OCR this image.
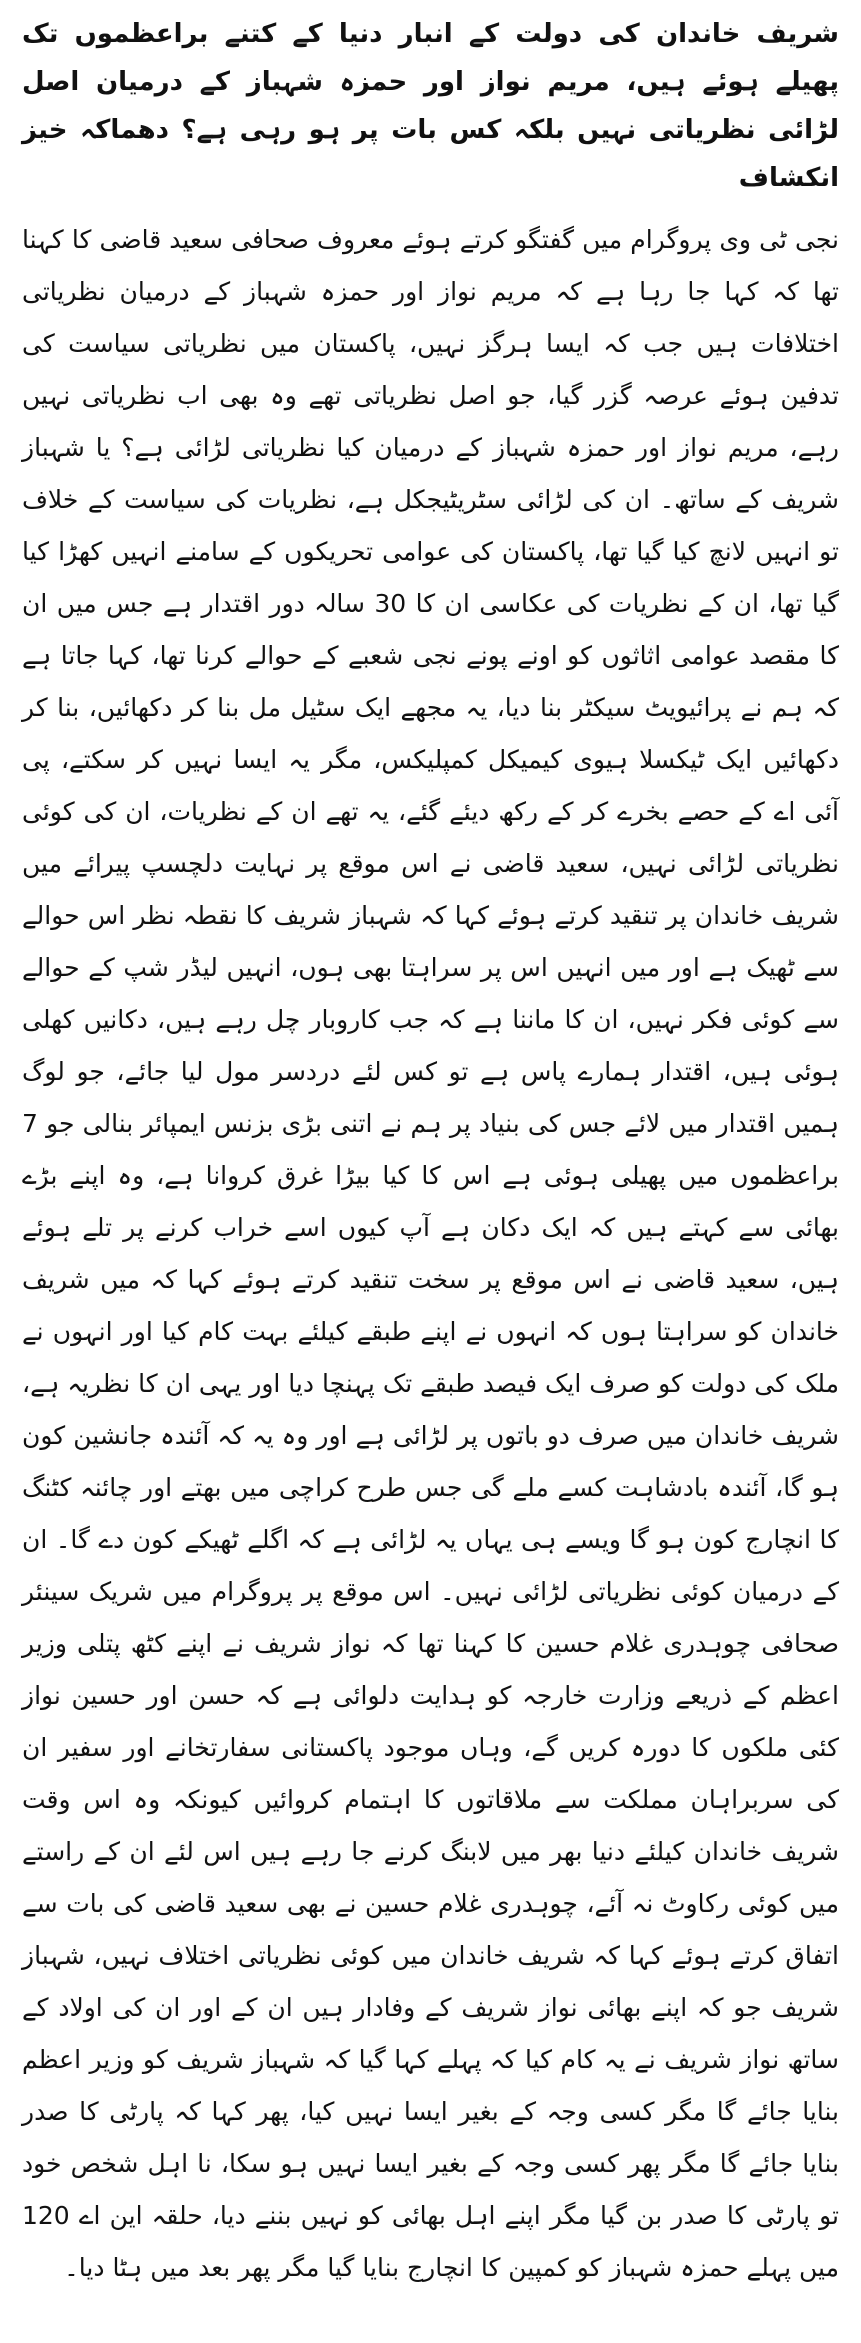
شریف خاندان کی دولت کے انبار دنیا کے کتنے براعظموں تک پھیلے ہوئے ہیں، مریم نواز اور حمزہ شہباز کے درمیان اصل لڑائی نظریاتی نہیں بلکہ کس بات پر ہو رہی ہے؟ دھماکہ خیز انکشاف

نجی ٹی وی پروگرام میں گفتگو کرتے ہوئے معروف صحافی سعید قاضی کا کہنا تھا کہ کہا جا رہا ہے کہ مریم نواز اور حمزہ شہباز کے درمیان نظریاتی اختلافات ہیں جب کہ ایسا ہرگز نہیں، پاکستان میں نظریاتی سیاست کی تدفین ہوئے عرصہ گزر گیا، جو اصل نظریاتی تھے وہ بھی اب نظریاتی نہیں رہے، مریم نواز اور حمزہ شہباز کے درمیان کیا نظریاتی لڑائی ہے؟ یا شہباز شریف کے ساتھ۔ ان کی لڑائی سٹریٹیجکل ہے، نظریات کی سیاست کے خلاف تو انہیں لانچ کیا گیا تھا، پاکستان کی عوامی تحریکوں کے سامنے انہیں کھڑا کیا گیا تھا، ان کے نظریات کی عکاسی ان کا 30 سالہ دور اقتدار ہے جس میں ان کا مقصد عوامی اثاثوں کو اونے پونے نجی شعبے کے حوالے کرنا تھا، کہا جاتا ہے کہ ہم نے پرائیویٹ سیکٹر بنا دیا، یہ مجھے ایک سٹیل مل بنا کر دکھائیں، بنا کر دکھائیں ایک ٹیکسلا ہیوی کیمیکل کمپلیکس، مگر یہ ایسا نہیں کر سکتے، پی آئی اے کے حصے بخرے کر کے رکھ دیئے گئے، یہ تھے ان کے نظریات، ان کی کوئی نظریاتی لڑائی نہیں، سعید قاضی نے اس موقع پر نہایت دلچسپ پیرائے میں شریف خاندان پر تنقید کرتے ہوئے کہا کہ شہباز شریف کا نقطہ نظر اس حوالے سے ٹھیک ہے اور میں انہیں اس پر سراہتا بھی ہوں، انہیں لیڈر شپ کے حوالے سے کوئی فکر نہیں، ان کا ماننا ہے کہ جب کاروبار چل رہے ہیں، دکانیں کھلی ہوئی ہیں، اقتدار ہمارے پاس ہے تو کس لئے دردسر مول لیا جائے، جو لوگ ہمیں اقتدار میں لائے جس کی بنیاد پر ہم نے اتنی بڑی بزنس ایمپائر بنالی جو 7 براعظموں میں پھیلی ہوئی ہے اس کا کیا بیڑا غرق کروانا ہے، وہ اپنے بڑے بھائی سے کہتے ہیں کہ ایک دکان ہے آپ کیوں اسے خراب کرنے پر تلے ہوئے ہیں، سعید قاضی نے اس موقع پر سخت تنقید کرتے ہوئے کہا کہ میں شریف خاندان کو سراہتا ہوں کہ انہوں نے اپنے طبقے کیلئے بہت کام کیا اور انہوں نے ملک کی دولت کو صرف ایک فیصد طبقے تک پہنچا دیا اور یہی ان کا نظریہ ہے، شریف خاندان میں صرف دو باتوں پر لڑائی ہے اور وہ یہ کہ آئندہ جانشین کون ہو گا، آئندہ بادشاہت کسے ملے گی جس طرح کراچی میں بھتے اور چائنہ کٹنگ کا انچارج کون ہو گا ویسے ہی یہاں یہ لڑائی ہے کہ اگلے ٹھیکے کون دے گا۔ ان کے درمیان کوئی نظریاتی لڑائی نہیں۔ اس موقع پر پروگرام میں شریک سینئر صحافی چوہدری غلام حسین کا کہنا تھا کہ نواز شریف نے اپنے کٹھ پتلی وزیر اعظم کے ذریعے وزارت خارجہ کو ہدایت دلوائی ہے کہ حسن اور حسین نواز کئی ملکوں کا دورہ کریں گے، وہاں موجود پاکستانی سفارتخانے اور سفیر ان کی سربراہان مملکت سے ملاقاتوں کا اہتمام کروائیں کیونکہ وہ اس وقت شریف خاندان کیلئے دنیا بھر میں لابنگ کرنے جا رہے ہیں اس لئے ان کے راستے میں کوئی رکاوٹ نہ آئے، چوہدری غلام حسین نے بھی سعید قاضی کی بات سے اتفاق کرتے ہوئے کہا کہ شریف خاندان میں کوئی نظریاتی اختلاف نہیں، شہباز شریف جو کہ اپنے بھائی نواز شریف کے وفادار ہیں ان کے اور ان کی اولاد کے ساتھ نواز شریف نے یہ کام کیا کہ پہلے کہا گیا کہ شہباز شریف کو وزیر اعظم بنایا جائے گا مگر کسی وجہ کے بغیر ایسا نہیں کیا، پھر کہا کہ پارٹی کا صدر بنایا جائے گا مگر پھر کسی وجہ کے بغیر ایسا نہیں ہو سکا، نا اہل شخص خود تو پارٹی کا صدر بن گیا مگر اپنے اہل بھائی کو نہیں بننے دیا، حلقہ این اے 120 میں پہلے حمزہ شہباز کو کمپین کا انچارج بنایا گیا مگر پھر بعد میں ہٹا دیا۔
